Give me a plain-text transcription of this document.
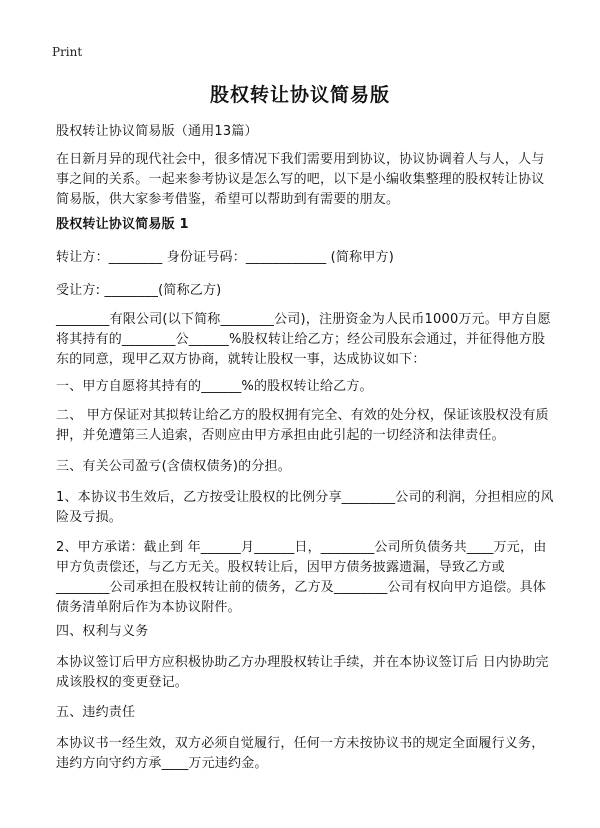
Print
股权转让协议简易版

股权转让协议简易版（通用13篇）

在日新月异的现代社会中，很多情况下我们需要用到协议，协议协调着人与人，人与事之间的关系。一起来参考协议是怎么写的吧，以下是小编收集整理的股权转让协议简易版，供大家参考借鉴，希望可以帮助到有需要的朋友。

股权转让协议简易版 1

转让方：________ 身份证号码：____________ (简称甲方)

受让方: ________(简称乙方)

________有限公司(以下简称________公司)，注册资金为人民币1000万元。甲方自愿将其持有的________公______%股权转让给乙方；经公司股东会通过，并征得他方股东的同意，现甲乙双方协商，就转让股权一事，达成协议如下：

一、甲方自愿将其持有的______%的股权转让给乙方。

二、 甲方保证对其拟转让给乙方的股权拥有完全、有效的处分权，保证该股权没有质押，并免遭第三人追索，否则应由甲方承担由此引起的一切经济和法律责任。

三、有关公司盈亏(含债权债务)的分担。

1、本协议书生效后，乙方按受让股权的比例分享________公司的利润，分担相应的风险及亏损。

2、甲方承诺：截止到 年______月______日，________公司所负债务共____万元，由甲方负责偿还，与乙方无关。股权转让后，因甲方债务披露遗漏，导致乙方或________公司承担在股权转让前的债务，乙方及________公司有权向甲方追偿。具体债务清单附后作为本协议附件。

四、权利与义务

本协议签订后甲方应积极协助乙方办理股权转让手续，并在本协议签订后 日内协助完成该股权的变更登记。

五、违约责任

本协议书一经生效，双方必须自觉履行，任何一方未按协议书的规定全面履行义务，违约方向守约方承____万元违约金。
